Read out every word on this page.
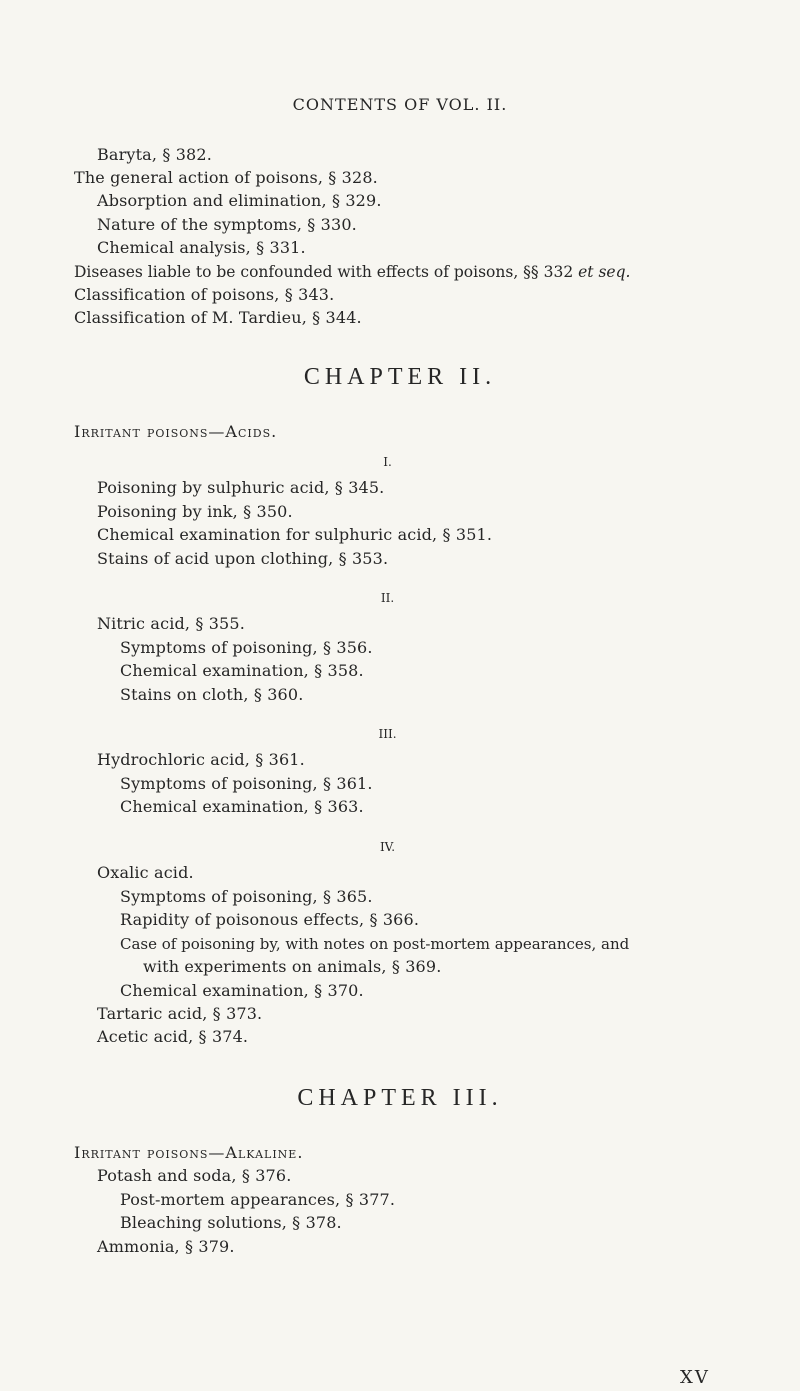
CONTENTS OF VOL. II.
Baryta, § 382.
The general action of poisons, § 328.
Absorption and elimination, § 329.
Nature of the symptoms, § 330.
Chemical analysis, § 331.
Diseases liable to be confounded with effects of poisons, §§ 332 et seq.
Classification of poisons, § 343.
Classification of M. Tardieu, § 344.
CHAPTER II.
Irritant poisons—Acids.
I.
Poisoning by sulphuric acid, § 345.
Poisoning by ink, § 350.
Chemical examination for sulphuric acid, § 351.
Stains of acid upon clothing, § 353.
II.
Nitric acid, § 355.
Symptoms of poisoning, § 356.
Chemical examination, § 358.
Stains on cloth, § 360.
III.
Hydrochloric acid, § 361.
Symptoms of poisoning, § 361.
Chemical examination, § 363.
IV.
Oxalic acid.
Symptoms of poisoning, § 365.
Rapidity of poisonous effects, § 366.
Case of poisoning by, with notes on post-mortem appearances, and
with experiments on animals, § 369.
Chemical examination, § 370.
Tartaric acid, § 373.
Acetic acid, § 374.
CHAPTER III.
Irritant poisons—Alkaline.
Potash and soda, § 376.
Post-mortem appearances, § 377.
Bleaching solutions, § 378.
Ammonia, § 379.
XV
